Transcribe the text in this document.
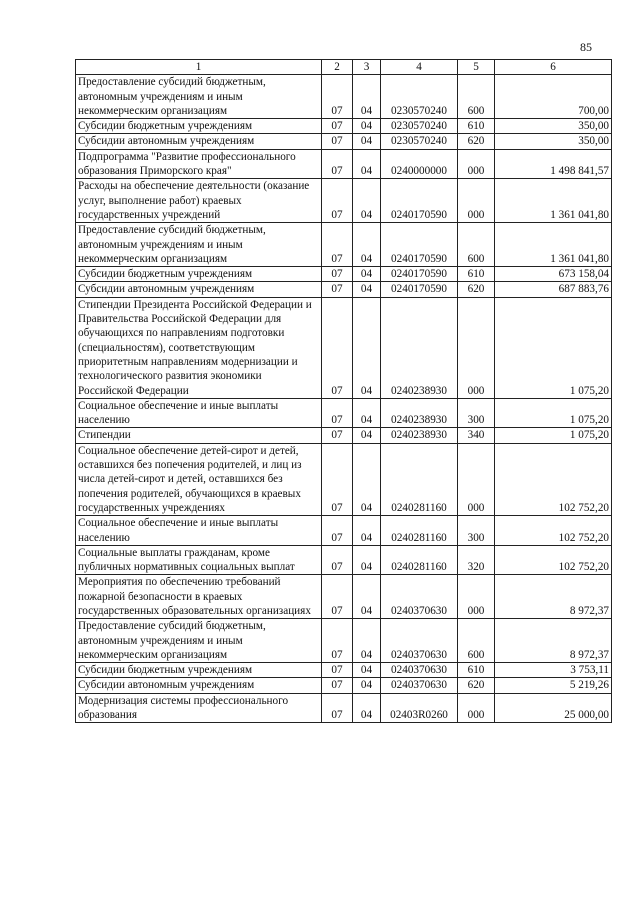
85
1	2	3	4	5	6
Предоставление субсидий бюджетным, автономным учреждениям и иным некоммерческим организациям	07	04	0230570240	600	700,00
Субсидии бюджетным учреждениям	07	04	0230570240	610	350,00
Субсидии автономным учреждениям	07	04	0230570240	620	350,00
Подпрограмма "Развитие профессионального образования Приморского края"	07	04	0240000000	000	1 498 841,57
Расходы на обеспечение деятельности (оказание услуг, выполнение работ) краевых государственных учреждений	07	04	0240170590	000	1 361 041,80
Предоставление субсидий бюджетным, автономным учреждениям и иным некоммерческим организациям	07	04	0240170590	600	1 361 041,80
Субсидии бюджетным учреждениям	07	04	0240170590	610	673 158,04
Субсидии автономным учреждениям	07	04	0240170590	620	687 883,76
Стипендии Президента Российской Федерации и Правительства Российской Федерации для обучающихся по направлениям подготовки (специальностям), соответствующим приоритетным направлениям модернизации и технологического развития экономики Российской Федерации	07	04	0240238930	000	1 075,20
Социальное обеспечение и иные выплаты населению	07	04	0240238930	300	1 075,20
Стипендии	07	04	0240238930	340	1 075,20
Социальное обеспечение детей-сирот и детей, оставшихся без попечения родителей, и лиц из числа детей-сирот и детей, оставшихся без попечения родителей, обучающихся в краевых государственных учреждениях	07	04	0240281160	000	102 752,20
Социальное обеспечение и иные выплаты населению	07	04	0240281160	300	102 752,20
Социальные выплаты гражданам, кроме публичных нормативных социальных выплат	07	04	0240281160	320	102 752,20
Мероприятия по обеспечению требований пожарной безопасности в краевых государственных образовательных организациях	07	04	0240370630	000	8 972,37
Предоставление субсидий бюджетным, автономным учреждениям и иным некоммерческим организациям	07	04	0240370630	600	8 972,37
Субсидии бюджетным учреждениям	07	04	0240370630	610	3 753,11
Субсидии автономным учреждениям	07	04	0240370630	620	5 219,26
Модернизация системы профессионального образования	07	04	02403R0260	000	25 000,00
